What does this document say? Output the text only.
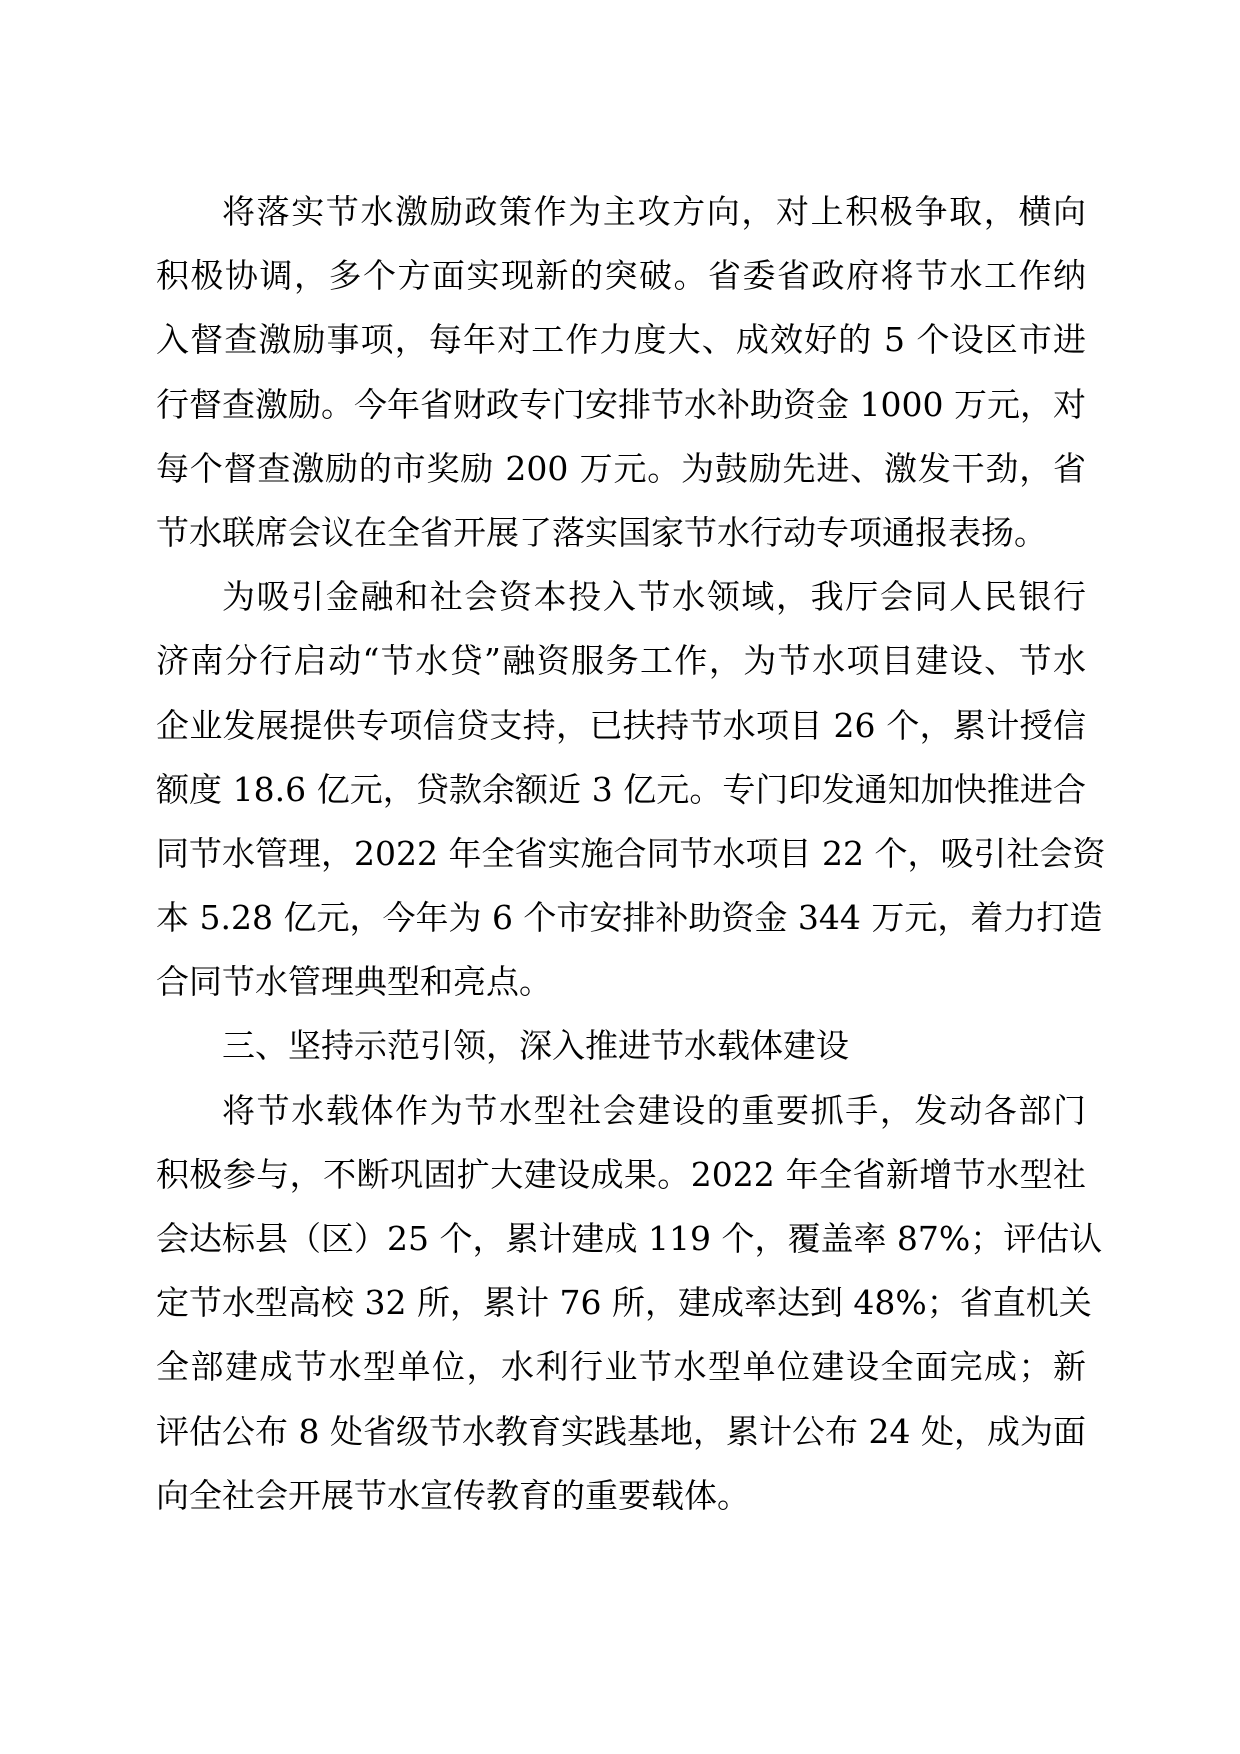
将落实节水激励政策作为主攻方向，对上积极争取，横向
积极协调，多个方面实现新的突破。省委省政府将节水工作纳
入督查激励事项，每年对工作力度大、成效好的 5 个设区市进
行督查激励。今年省财政专门安排节水补助资金 1000 万元，对
每个督查激励的市奖励 200 万元。为鼓励先进、激发干劲，省
节水联席会议在全省开展了落实国家节水行动专项通报表扬。
为吸引金融和社会资本投入节水领域，我厅会同人民银行
济南分行启动“节水贷”融资服务工作，为节水项目建设、节水
企业发展提供专项信贷支持，已扶持节水项目 26 个，累计授信
额度 18.6 亿元，贷款余额近 3 亿元。专门印发通知加快推进合
同节水管理，2022 年全省实施合同节水项目 22 个，吸引社会资
本 5.28 亿元，今年为 6 个市安排补助资金 344 万元，着力打造
合同节水管理典型和亮点。
三、坚持示范引领，深入推进节水载体建设
将节水载体作为节水型社会建设的重要抓手，发动各部门
积极参与，不断巩固扩大建设成果。2022 年全省新增节水型社
会达标县（区）25 个，累计建成 119 个，覆盖率 87%；评估认
定节水型高校 32 所，累计 76 所，建成率达到 48%；省直机关
全部建成节水型单位，水利行业节水型单位建设全面完成；新
评估公布 8 处省级节水教育实践基地，累计公布 24 处，成为面
向全社会开展节水宣传教育的重要载体。
